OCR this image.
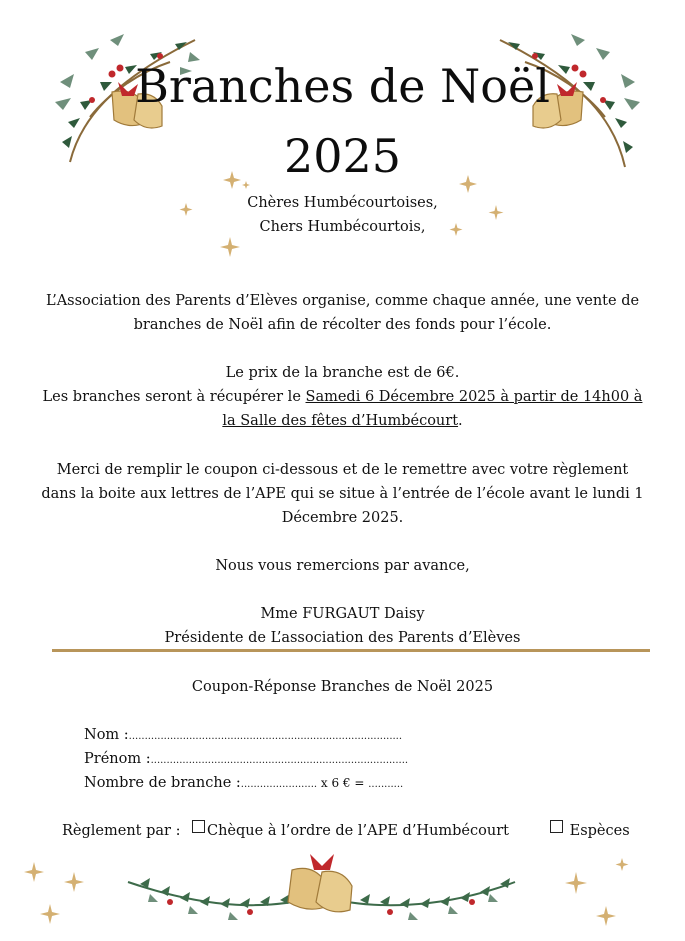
Branches de Noël
2025
Chères Humbécourtoises,
Chers Humbécourtois,
L’Association des Parents d’Elèves organise, comme chaque année, une vente de
branches de Noël afin de récolter des fonds pour l’école.
Le prix de la branche est de 6€.
Les branches seront à récupérer le Samedi 6 Décembre 2025 à partir de 14h00 à
la Salle des fêtes d’Humbécourt.
Merci de remplir le coupon ci-dessous et de le remettre avec votre règlement
dans la boite aux lettres de l’APE qui se situe à l’entrée de l’école avant le lundi 1
Décembre 2025.
Nous vous remercions par avance,
Mme FURGAUT Daisy
Présidente de L’association des Parents d’Elèves
Coupon-Réponse Branches de Noël 2025
Nom :......................................................................................
Prénom :.................................................................................
Nombre de branche :........................ x 6 € = ...........
Règlement par :	Chèque à l’ordre de l’APE d’Humbécourt	Espèces
